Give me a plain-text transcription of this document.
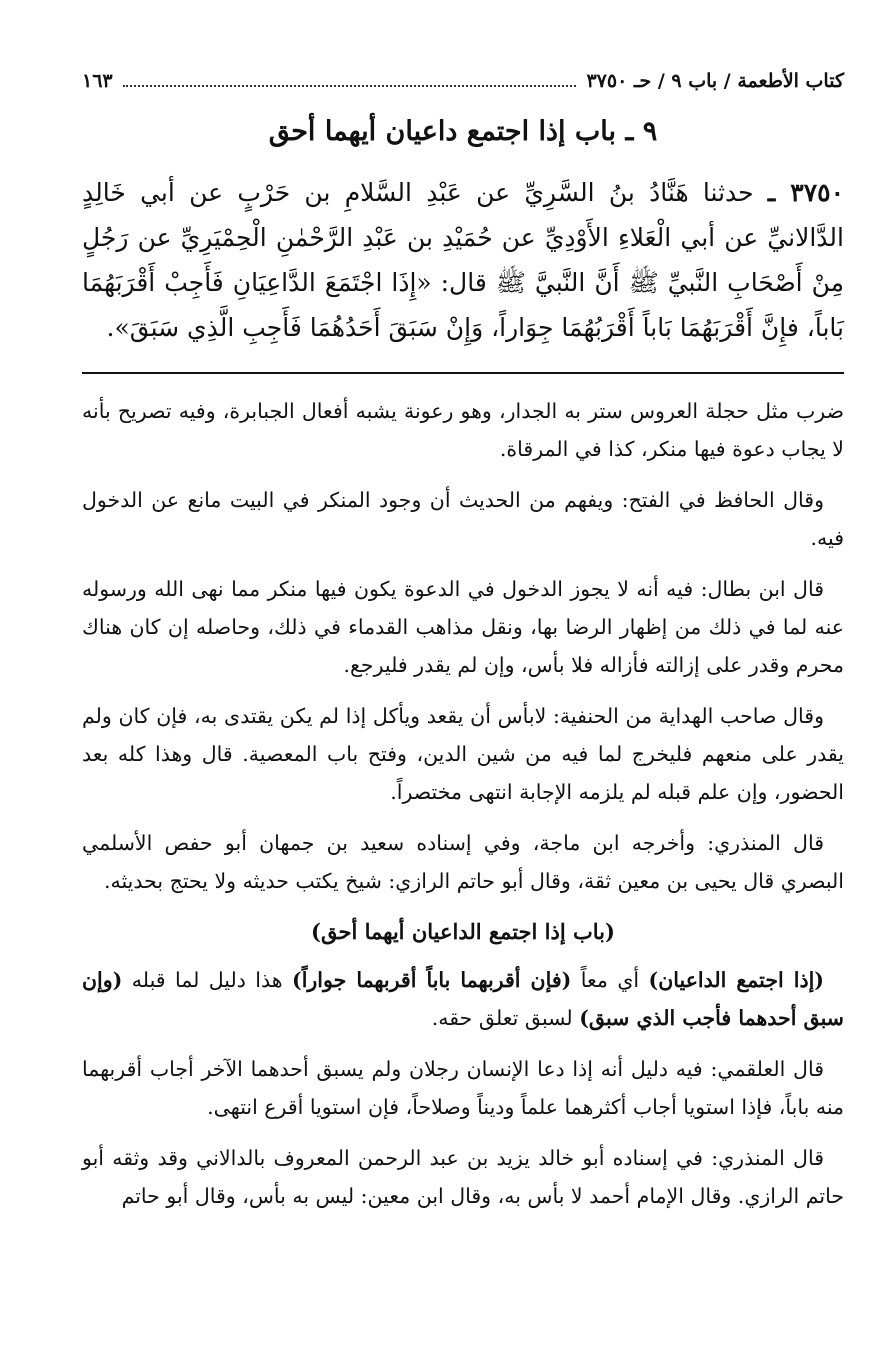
كتاب الأطعمة / باب ٩ / حـ ٣٧٥٠
١٦٣
٩ ـ باب إذا اجتمع داعيان أيهما أحق
٣٧٥٠ ـ حدثنا هَنَّادُ بنُ السَّرِيِّ عن عَبْدِ السَّلامِ بن حَرْبٍ عن أبي خَالِدٍ الدَّالانيِّ عن أبي الْعَلاءِ الأَوْدِيِّ عن حُمَيْدِ بن عَبْدِ الرَّحْمٰنِ الْحِمْيَرِيِّ عن رَجُلٍ مِنْ أَصْحَابِ النَّبيِّ ﷺ أَنَّ النَّبيَّ ﷺ قال: «إِذَا اجْتَمَعَ الدَّاعِيَانِ فَأَجِبْ أَقْرَبَهُمَا بَاباً، فإِنَّ أَقْرَبَهُمَا بَاباً أَقْرَبُهُمَا جِوَاراً، وَإِنْ سَبَقَ أَحَدُهُمَا فَأَجِبِ الَّذِي سَبَقَ».

ضرب مثل حجلة العروس ستر به الجدار، وهو رعونة يشبه أفعال الجبابرة، وفيه تصريح بأنه لا يجاب دعوة فيها منكر، كذا في المرقاة.

وقال الحافظ في الفتح: ويفهم من الحديث أن وجود المنكر في البيت مانع عن الدخول فيه.

قال ابن بطال: فيه أنه لا يجوز الدخول في الدعوة يكون فيها منكر مما نهى الله ورسوله عنه لما في ذلك من إظهار الرضا بها، ونقل مذاهب القدماء في ذلك، وحاصله إن كان هناك محرم وقدر على إزالته فأزاله فلا بأس، وإن لم يقدر فليرجع.

وقال صاحب الهداية من الحنفية: لابأس أن يقعد ويأكل إذا لم يكن يقتدى به، فإن كان ولم يقدر على منعهم فليخرج لما فيه من شين الدين، وفتح باب المعصية. قال وهذا كله بعد الحضور، وإن علم قبله لم يلزمه الإجابة انتهى مختصراً.

قال المنذري: وأخرجه ابن ماجة، وفي إسناده سعيد بن جمهان أبو حفص الأسلمي البصري قال يحيى بن معين ثقة، وقال أبو حاتم الرازي: شيخ يكتب حديثه ولا يحتج بحديثه.

(باب إذا اجتمع الداعيان أيهما أحق)

(إذا اجتمع الداعيان) أي معاً (فإن أقربهما باباً أقربهما جواراً) هذا دليل لما قبله (وإن سبق أحدهما فأجب الذي سبق) لسبق تعلق حقه.

قال العلقمي: فيه دليل أنه إذا دعا الإنسان رجلان ولم يسبق أحدهما الآخر أجاب أقربهما منه باباً، فإذا استويا أجاب أكثرهما علماً وديناً وصلاحاً، فإن استويا أقرع انتهى.

قال المنذري: في إسناده أبو خالد يزيد بن عبد الرحمن المعروف بالدالاني وقد وثقه أبو حاتم الرازي. وقال الإمام أحمد لا بأس به، وقال ابن معين: ليس به بأس، وقال أبو حاتم
